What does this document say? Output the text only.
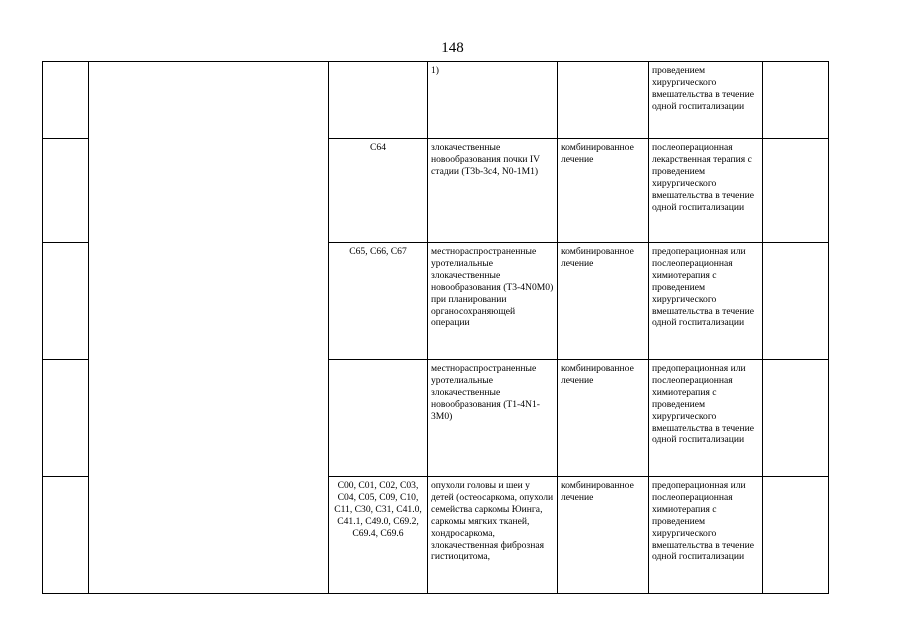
148
			1)		проведением хирургического вмешательства в течение одной госпитализации	
		C64	злокачественные новообразования почки IV стадии (T3b-3c4, N0-1M1)	комбинированное лечение	послеоперационная лекарственная терапия с проведением хирургического вмешательства в течение одной госпитализации	
		C65, C66, C67	местнораспространенные уротелиальные злокачественные новообразования (T3-4N0M0) при планировании органосохраняющей операции	комбинированное лечение	предоперационная или послеоперационная химиотерапия с проведением хирургического вмешательства в течение одной госпитализации	
			местнораспространенные уротелиальные злокачественные новообразования (T1-4N1-3M0)	комбинированное лечение	предоперационная или послеоперационная химиотерапия с проведением хирургического вмешательства в течение одной госпитализации	
		C00, C01, C02, C03, C04, C05, C09, C10, C11, C30, C31, C41.0, C41.1, C49.0, C69.2, C69.4, C69.6	опухоли головы и шеи у детей (остеосаркома, опухоли семейства саркомы Юинга, саркомы мягких тканей, хондросаркома, злокачественная фиброзная гистиоцитома,	комбинированное лечение	предоперационная или послеоперационная химиотерапия с проведением хирургического вмешательства в течение одной госпитализации	
